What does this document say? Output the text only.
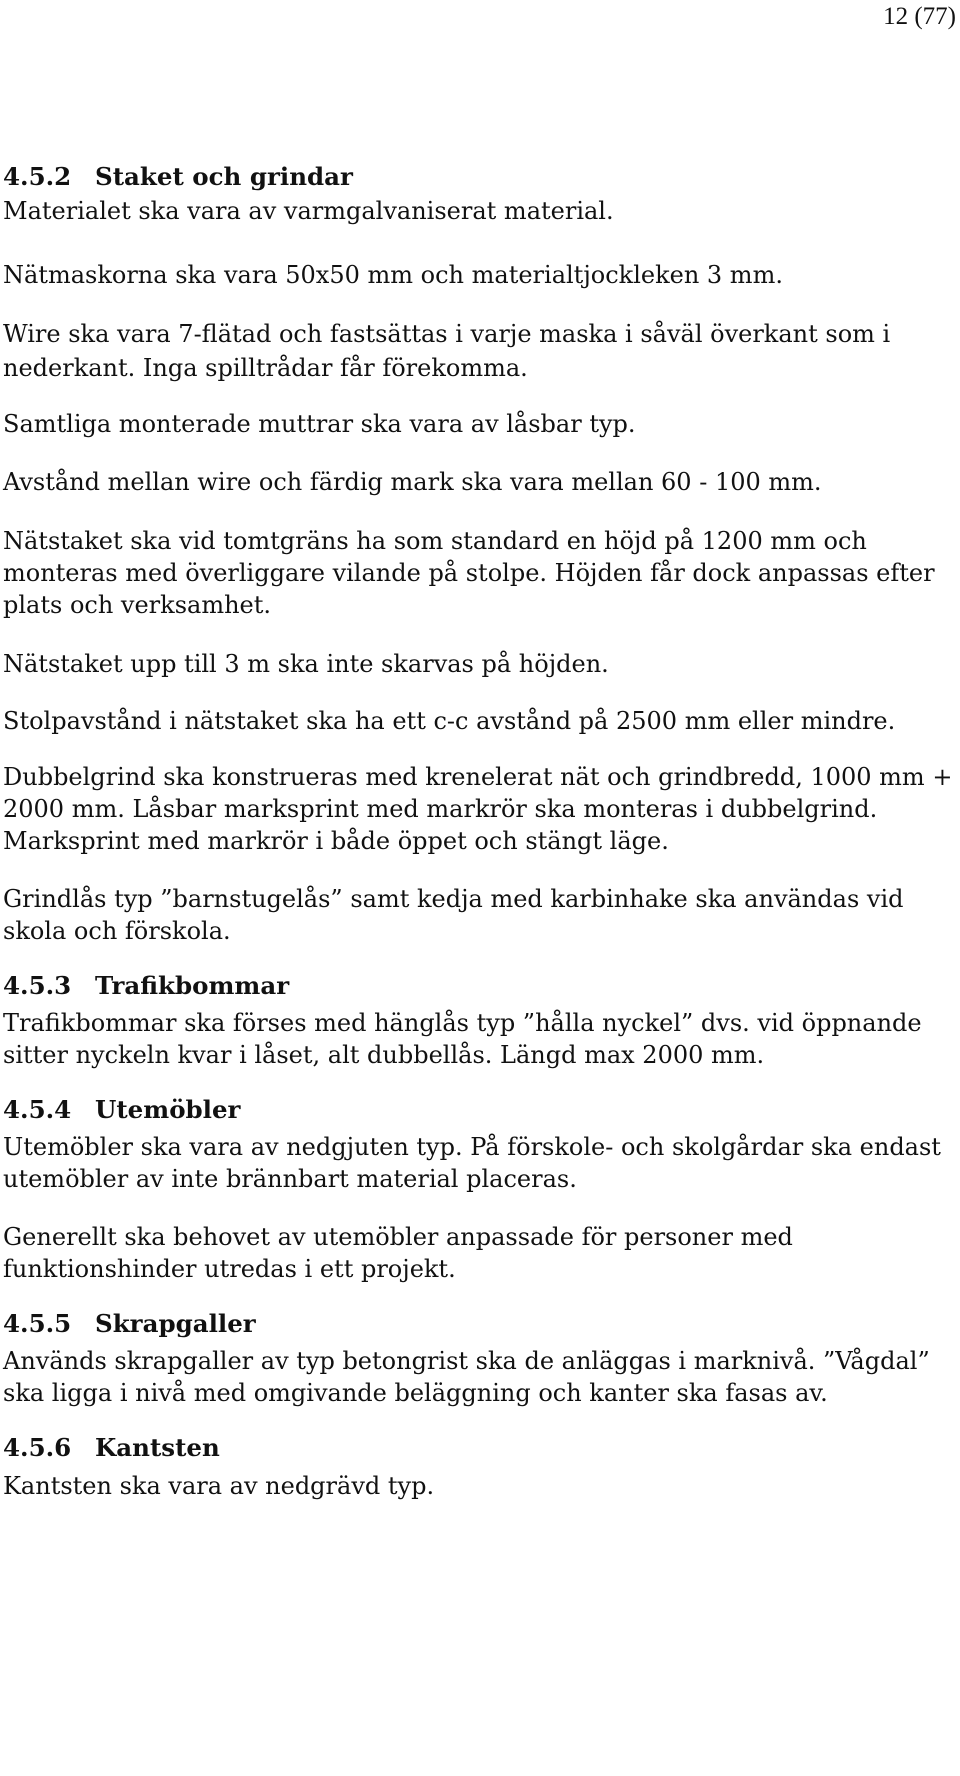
12 (77)
4.5.2 Staket och grindar

Materialet ska vara av varmgalvaniserat material.

Nätmaskorna ska vara 50x50 mm och materialtjockleken 3 mm.

Wire ska vara 7-flätad och fastsättas i varje maska i såväl överkant som i nederkant. Inga spilltrådar får förekomma.

Samtliga monterade muttrar ska vara av låsbar typ.

Avstånd mellan wire och färdig mark ska vara mellan 60 - 100 mm.

Nätstaket ska vid tomtgräns ha som standard en höjd på 1200 mm och monteras med överliggare vilande på stolpe. Höjden får dock anpassas efter plats och verksamhet.

Nätstaket upp till 3 m ska inte skarvas på höjden.

Stolpavstånd i nätstaket ska ha ett c-c avstånd på 2500 mm eller mindre.

Dubbelgrind ska konstrueras med krenelerat nät och grindbredd, 1000 mm + 2000 mm. Låsbar marksprint med markrör ska monteras i dubbelgrind. Marksprint med markrör i både öppet och stängt läge.

Grindlås typ ”barnstugelås” samt kedja med karbinhake ska användas vid skola och förskola.

4.5.3 Trafikbommar

Trafikbommar ska förses med hänglås typ ”hålla nyckel” dvs. vid öppnande sitter nyckeln kvar i låset, alt dubbellås. Längd max 2000 mm.

4.5.4 Utemöbler

Utemöbler ska vara av nedgjuten typ. På förskole- och skolgårdar ska endast utemöbler av inte brännbart material placeras.

Generellt ska behovet av utemöbler anpassade för personer med funktionshinder utredas i ett projekt.

4.5.5 Skrapgaller

Används skrapgaller av typ betongrist ska de anläggas i marknivå. ”Vågdal” ska ligga i nivå med omgivande beläggning och kanter ska fasas av.

4.5.6 Kantsten

Kantsten ska vara av nedgrävd typ.
